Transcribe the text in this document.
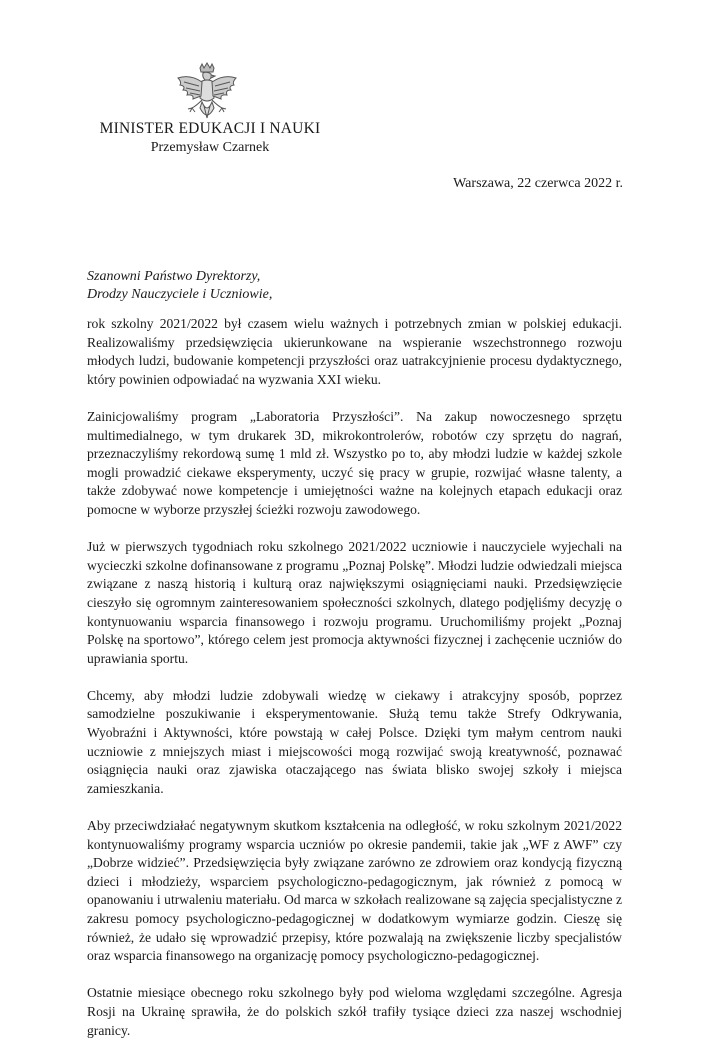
MINISTER EDUKACJI I NAUKI
Przemysław Czarnek
Warszawa, 22 czerwca 2022 r.
Szanowni Państwo Dyrektorzy,
Drodzy Nauczyciele i Uczniowie,

rok szkolny 2021/2022 był czasem wielu ważnych i potrzebnych zmian w polskiej edukacji. Realizowaliśmy przedsięwzięcia ukierunkowane na wspieranie wszechstronnego rozwoju młodych ludzi, budowanie kompetencji przyszłości oraz uatrakcyjnienie procesu dydaktycznego, który powinien odpowiadać na wyzwania XXI wieku.

Zainicjowaliśmy program „Laboratoria Przyszłości”. Na zakup nowoczesnego sprzętu multimedialnego, w tym drukarek 3D, mikrokontrolerów, robotów czy sprzętu do nagrań, przeznaczyliśmy rekordową sumę 1 mld zł. Wszystko po to, aby młodzi ludzie w każdej szkole mogli prowadzić ciekawe eksperymenty, uczyć się pracy w grupie, rozwijać własne talenty, a także zdobywać nowe kompetencje i umiejętności ważne na kolejnych etapach edukacji oraz pomocne w wyborze przyszłej ścieżki rozwoju zawodowego.

Już w pierwszych tygodniach roku szkolnego 2021/2022 uczniowie i nauczyciele wyjechali na wycieczki szkolne dofinansowane z programu „Poznaj Polskę”. Młodzi ludzie odwiedzali miejsca związane z naszą historią i kulturą oraz największymi osiągnięciami nauki. Przedsięwzięcie cieszyło się ogromnym zainteresowaniem społeczności szkolnych, dlatego podjęliśmy decyzję o kontynuowaniu wsparcia finansowego i rozwoju programu. Uruchomiliśmy projekt „Poznaj Polskę na sportowo”, którego celem jest promocja aktywności fizycznej i zachęcenie uczniów do uprawiania sportu.

Chcemy, aby młodzi ludzie zdobywali wiedzę w ciekawy i atrakcyjny sposób, poprzez samodzielne poszukiwanie i eksperymentowanie. Służą temu także Strefy Odkrywania, Wyobraźni i Aktywności, które powstają w całej Polsce. Dzięki tym małym centrom nauki uczniowie z mniejszych miast i miejscowości mogą rozwijać swoją kreatywność, poznawać osiągnięcia nauki oraz zjawiska otaczającego nas świata blisko swojej szkoły i miejsca zamieszkania.

Aby przeciwdziałać negatywnym skutkom kształcenia na odległość, w roku szkolnym 2021/2022 kontynuowaliśmy programy wsparcia uczniów po okresie pandemii, takie jak „WF z AWF” czy „Dobrze widzieć”. Przedsięwzięcia były związane zarówno ze zdrowiem oraz kondycją fizyczną dzieci i młodzieży, wsparciem psychologiczno-pedagogicznym, jak również z pomocą w opanowaniu i utrwaleniu materiału. Od marca w szkołach realizowane są zajęcia specjalistyczne z zakresu pomocy psychologiczno-pedagogicznej w dodatkowym wymiarze godzin. Cieszę się również, że udało się wprowadzić przepisy, które pozwalają na zwiększenie liczby specjalistów oraz wsparcia finansowego na organizację pomocy psychologiczno-pedagogicznej.

Ostatnie miesiące obecnego roku szkolnego były pod wieloma względami szczególne. Agresja Rosji na Ukrainę sprawiła, że do polskich szkół trafiły tysiące dzieci zza naszej wschodniej granicy.
